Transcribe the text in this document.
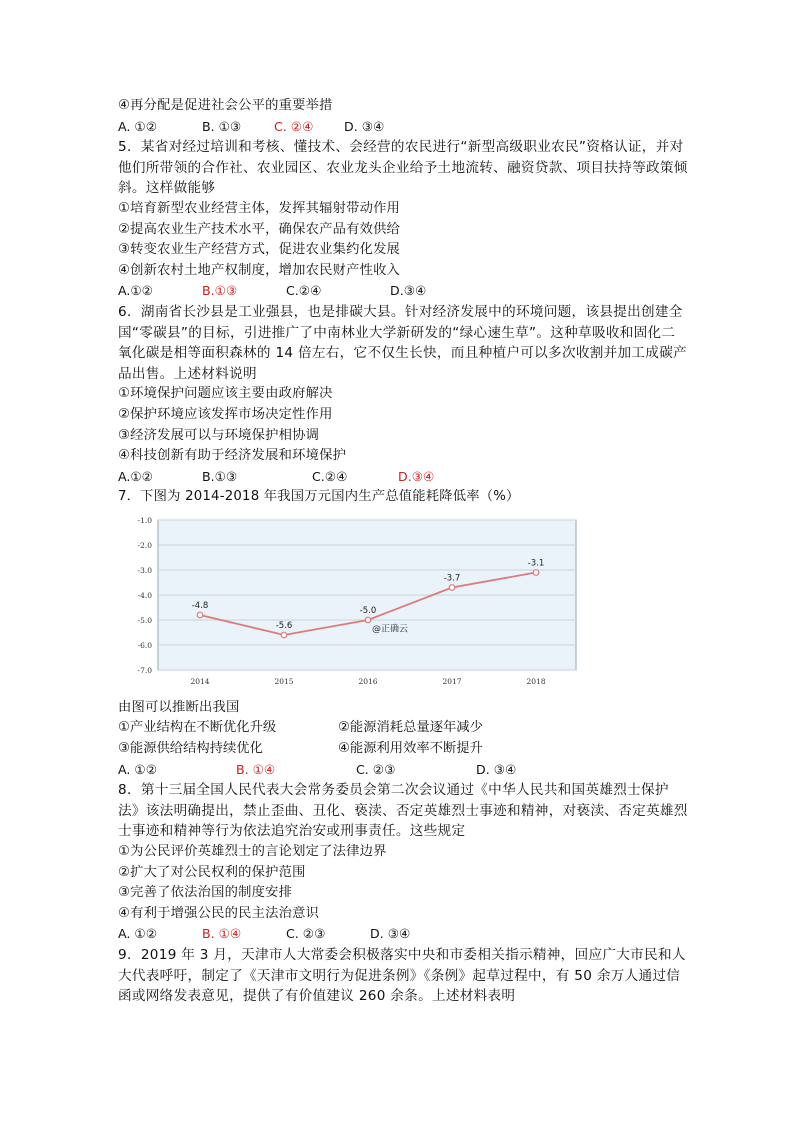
④再分配是促进社会公平的重要举措
A. ①②	B. ①③	C. ②④	D. ③④
5．某省对经过培训和考核、懂技术、会经营的农民进行“新型高级职业农民”资格认证，并对他们所带领的合作社、农业园区、农业龙头企业给予土地流转、融资贷款、项目扶持等政策倾斜。这样做能够
①培育新型农业经营主体，发挥其辐射带动作用
②提高农业生产技术水平，确保农产品有效供给
③转变农业生产经营方式，促进农业集约化发展
④创新农村土地产权制度，增加农民财产性收入
A.①②	B.①③	C.②④	D.③④
6．湖南省长沙县是工业强县，也是排碳大县。针对经济发展中的环境问题，该县提出创建全国“零碳县”的目标，引进推广了中南林业大学新研发的“绿心速生草”。这种草吸收和固化二氧化碳是相等面积森林的 14 倍左右，它不仅生长快，而且种植户可以多次收割并加工成碳产品出售。上述材料说明
①环境保护问题应该主要由政府解决
②保护环境应该发挥市场决定性作用
③经济发展可以与环境保护相协调
④科技创新有助于经济发展和环境保护
A.①②	B.①③	C.②④	D.③④
7．下图为 2014-2018 年我国万元国内生产总值能耗降低率（%）
-1.0
-2.0
-3.0
-4.0
-5.0
-6.0
-7.0
2014	2015	2016	2017	2018
-4.8
-5.6
-5.0
-3.7
-3.1
@正确云
由图可以推断出我国
①产业结构在不断优化升级	②能源消耗总量逐年减少
③能源供给结构持续优化	④能源利用效率不断提升
A. ①②	B. ①④	C. ②③	D. ③④
8．第十三届全国人民代表大会常务委员会第二次会议通过《中华人民共和国英雄烈士保护法》该法明确提出，禁止歪曲、丑化、亵渎、否定英雄烈士事迹和精神，对亵渎、否定英雄烈士事迹和精神等行为依法追究治安或刑事责任。这些规定
①为公民评价英雄烈士的言论划定了法律边界
②扩大了对公民权利的保护范围
③完善了依法治国的制度安排
④有利于增强公民的民主法治意识
A. ①②	B. ①④	C. ②③	D. ③④
9．2019 年 3 月，天津市人大常委会积极落实中央和市委相关指示精神，回应广大市民和人大代表呼吁，制定了《天津市文明行为促进条例》《条例》起草过程中，有 50 余万人通过信函或网络发表意见，提供了有价值建议 260 余条。上述材料表明
